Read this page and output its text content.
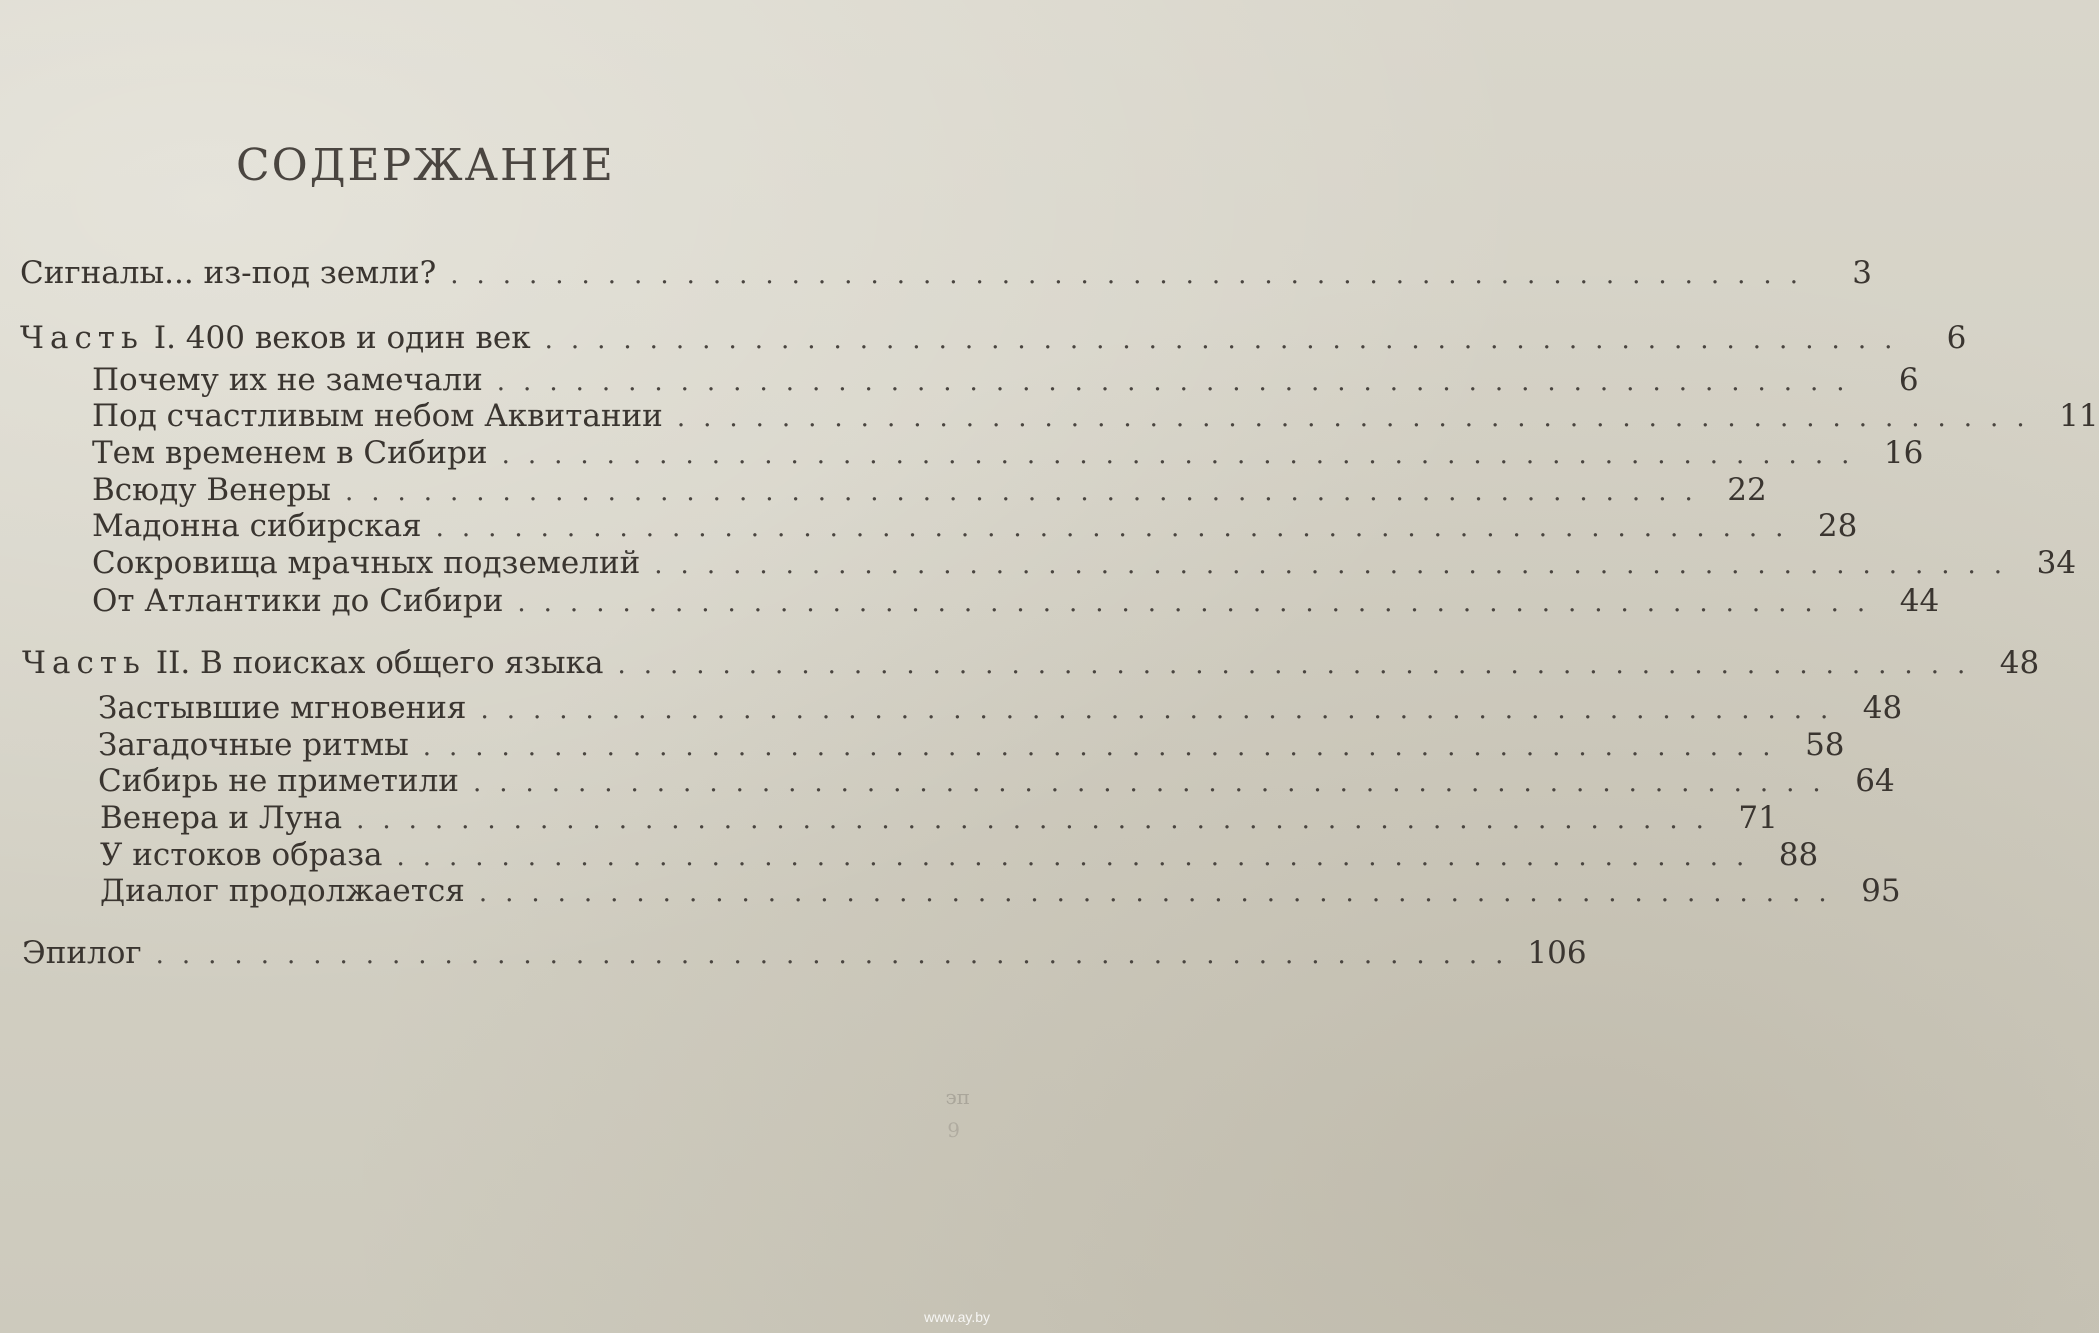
СОДЕРЖАНИЕ
Сигналы... из-под земли? ....................................................	3
Часть I. 400 веков и один век ....................................................	6
Почему их не замечали ....................................................	6
Под счастливым небом Аквитании .................................................... 11
Тем временем в Сибири .................................................... 16
Всюду Венеры .................................................... 22
Мадонна сибирская .................................................... 28
Сокровища мрачных подземелий .................................................... 34
От Атлантики до Сибири .................................................... 44
Часть II. В поисках общего языка .................................................... 48
Застывшие мгновения .................................................... 48
Загадочные ритмы .................................................... 58
Сибирь не приметили .................................................... 64
Венера и Луна .................................................... 71
У истоков образа .................................................... 88
Диалог продолжается .................................................... 95
Эпилог .................................................... 106
эп
9
www.ay.by
